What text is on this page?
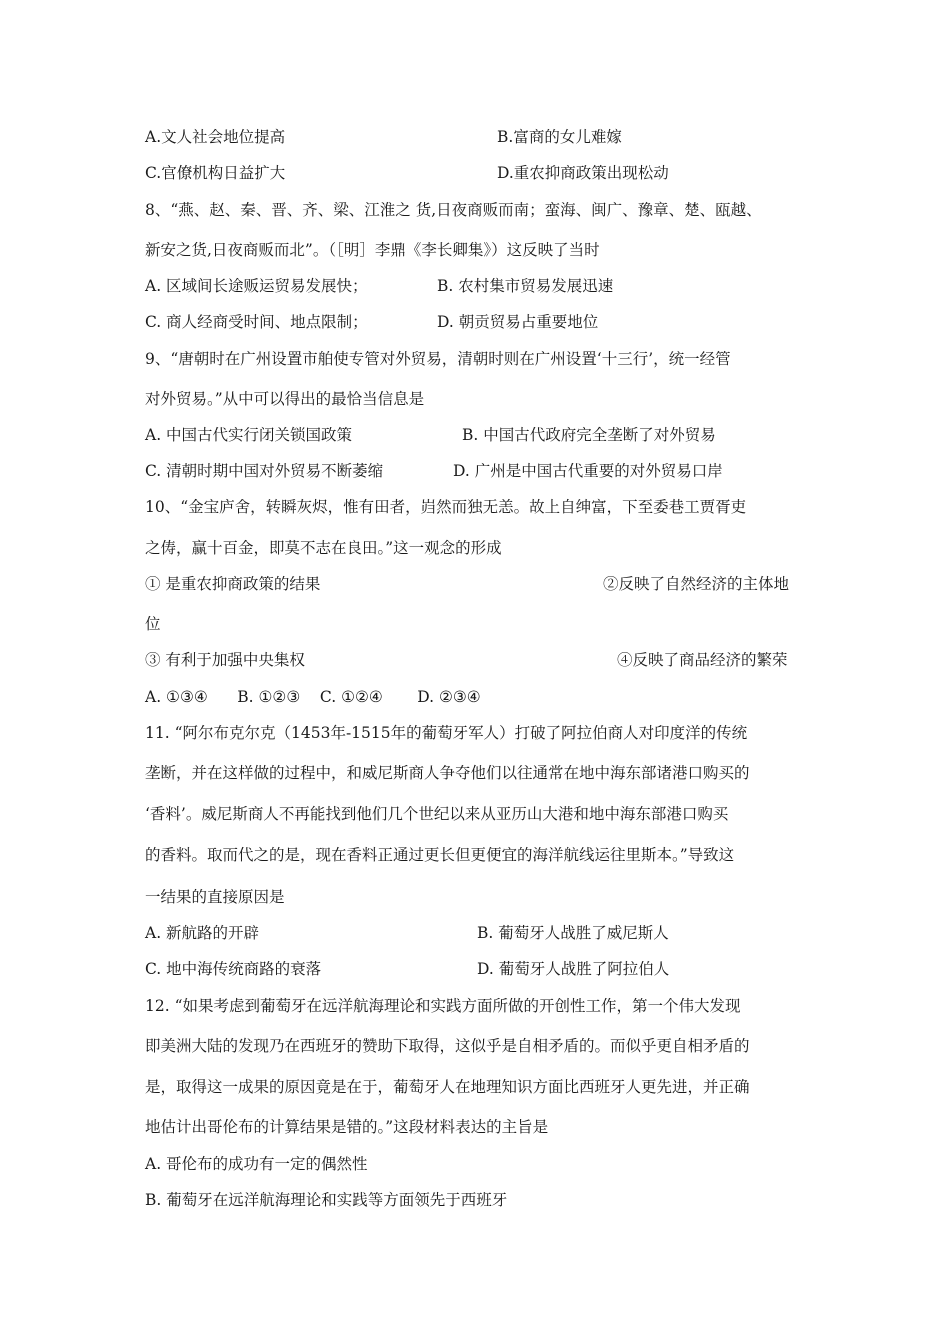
A.文人社会地位提高	B.富商的女儿难嫁
C.官僚机构日益扩大	D.重农抑商政策出现松动
8、“燕、赵、秦、晋、齐、梁、江淮之 货,日夜商贩而南；蛮海、闽广、豫章、楚、瓯越、
新安之货,日夜商贩而北”。（［明］李鼎《李长卿集》）这反映了当时
A. 区域间长途贩运贸易发展快；	B. 农村集市贸易发展迅速
C. 商人经商受时间、地点限制；	D. 朝贡贸易占重要地位
9、“唐朝时在广州设置市舶使专管对外贸易，清朝时则在广州设置‘十三行’，统一经管
对外贸易。”从中可以得出的最恰当信息是
A. 中国古代实行闭关锁国政策	B. 中国古代政府完全垄断了对外贸易
C. 清朝时期中国对外贸易不断萎缩	D. 广州是中国古代重要的对外贸易口岸
10、“金宝庐舍，转瞬灰烬，惟有田者，岿然而独无恙。故上自绅富，下至委巷工贾胥吏
之俦，赢十百金，即莫不志在良田。”这一观念的形成
① 是重农抑商政策的结果	②反映了自然经济的主体地
位
③ 有利于加强中央集权	④反映了商品经济的繁荣
A. ①③④      B. ①②③    C. ①②④       D. ②③④
11. “阿尔布克尔克（1453年-1515年的葡萄牙军人）打破了阿拉伯商人对印度洋的传统
垄断，并在这样做的过程中，和威尼斯商人争夺他们以往通常在地中海东部诸港口购买的
‘香料’。威尼斯商人不再能找到他们几个世纪以来从亚历山大港和地中海东部港口购买
的香料。取而代之的是，现在香料正通过更长但更便宜的海洋航线运往里斯本。”导致这
一结果的直接原因是
A. 新航路的开辟	B. 葡萄牙人战胜了威尼斯人
C. 地中海传统商路的衰落	D. 葡萄牙人战胜了阿拉伯人
12. “如果考虑到葡萄牙在远洋航海理论和实践方面所做的开创性工作，第一个伟大发现
即美洲大陆的发现乃在西班牙的赞助下取得，这似乎是自相矛盾的。而似乎更自相矛盾的
是，取得这一成果的原因竟是在于，葡萄牙人在地理知识方面比西班牙人更先进，并正确
地估计出哥伦布的计算结果是错的。”这段材料表达的主旨是
A. 哥伦布的成功有一定的偶然性
B. 葡萄牙在远洋航海理论和实践等方面领先于西班牙
